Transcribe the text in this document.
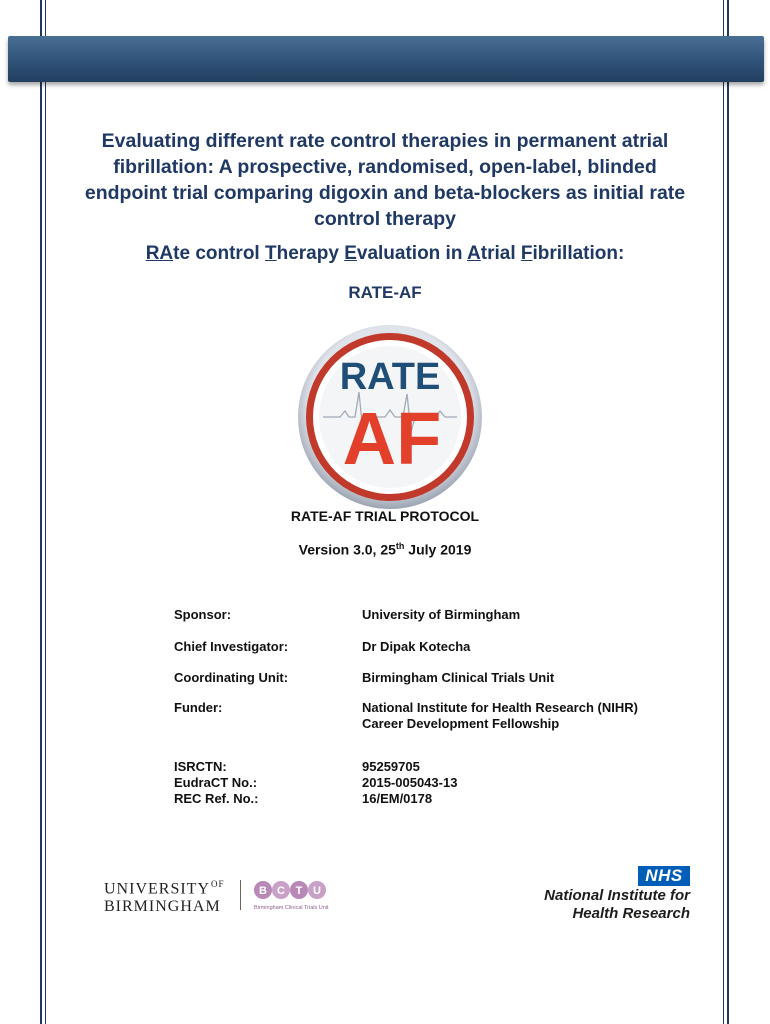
Evaluating different rate control therapies in permanent atrial fibrillation: A prospective, randomised, open-label, blinded endpoint trial comparing digoxin and beta-blockers as initial rate control therapy
RAte control Therapy Evaluation in Atrial Fibrillation:
RATE-AF
RATE
AF
RATE-AF TRIAL PROTOCOL
Version 3.0, 25th July 2019
Sponsor:	University of Birmingham
Chief Investigator:	Dr Dipak Kotecha
Coordinating Unit:	Birmingham Clinical Trials Unit
Funder:	National Institute for Health Research (NIHR)
Career Development Fellowship
ISRCTN:	95259705
EudraCT No.:	2015-005043-13
REC Ref. No.:	16/EM/0178
$UNIVERSITY^{OF}$
BIRMINGHAM
B C T U
Birmingham Clinical Trials Unit
NHS
National Institute for
Health Research
